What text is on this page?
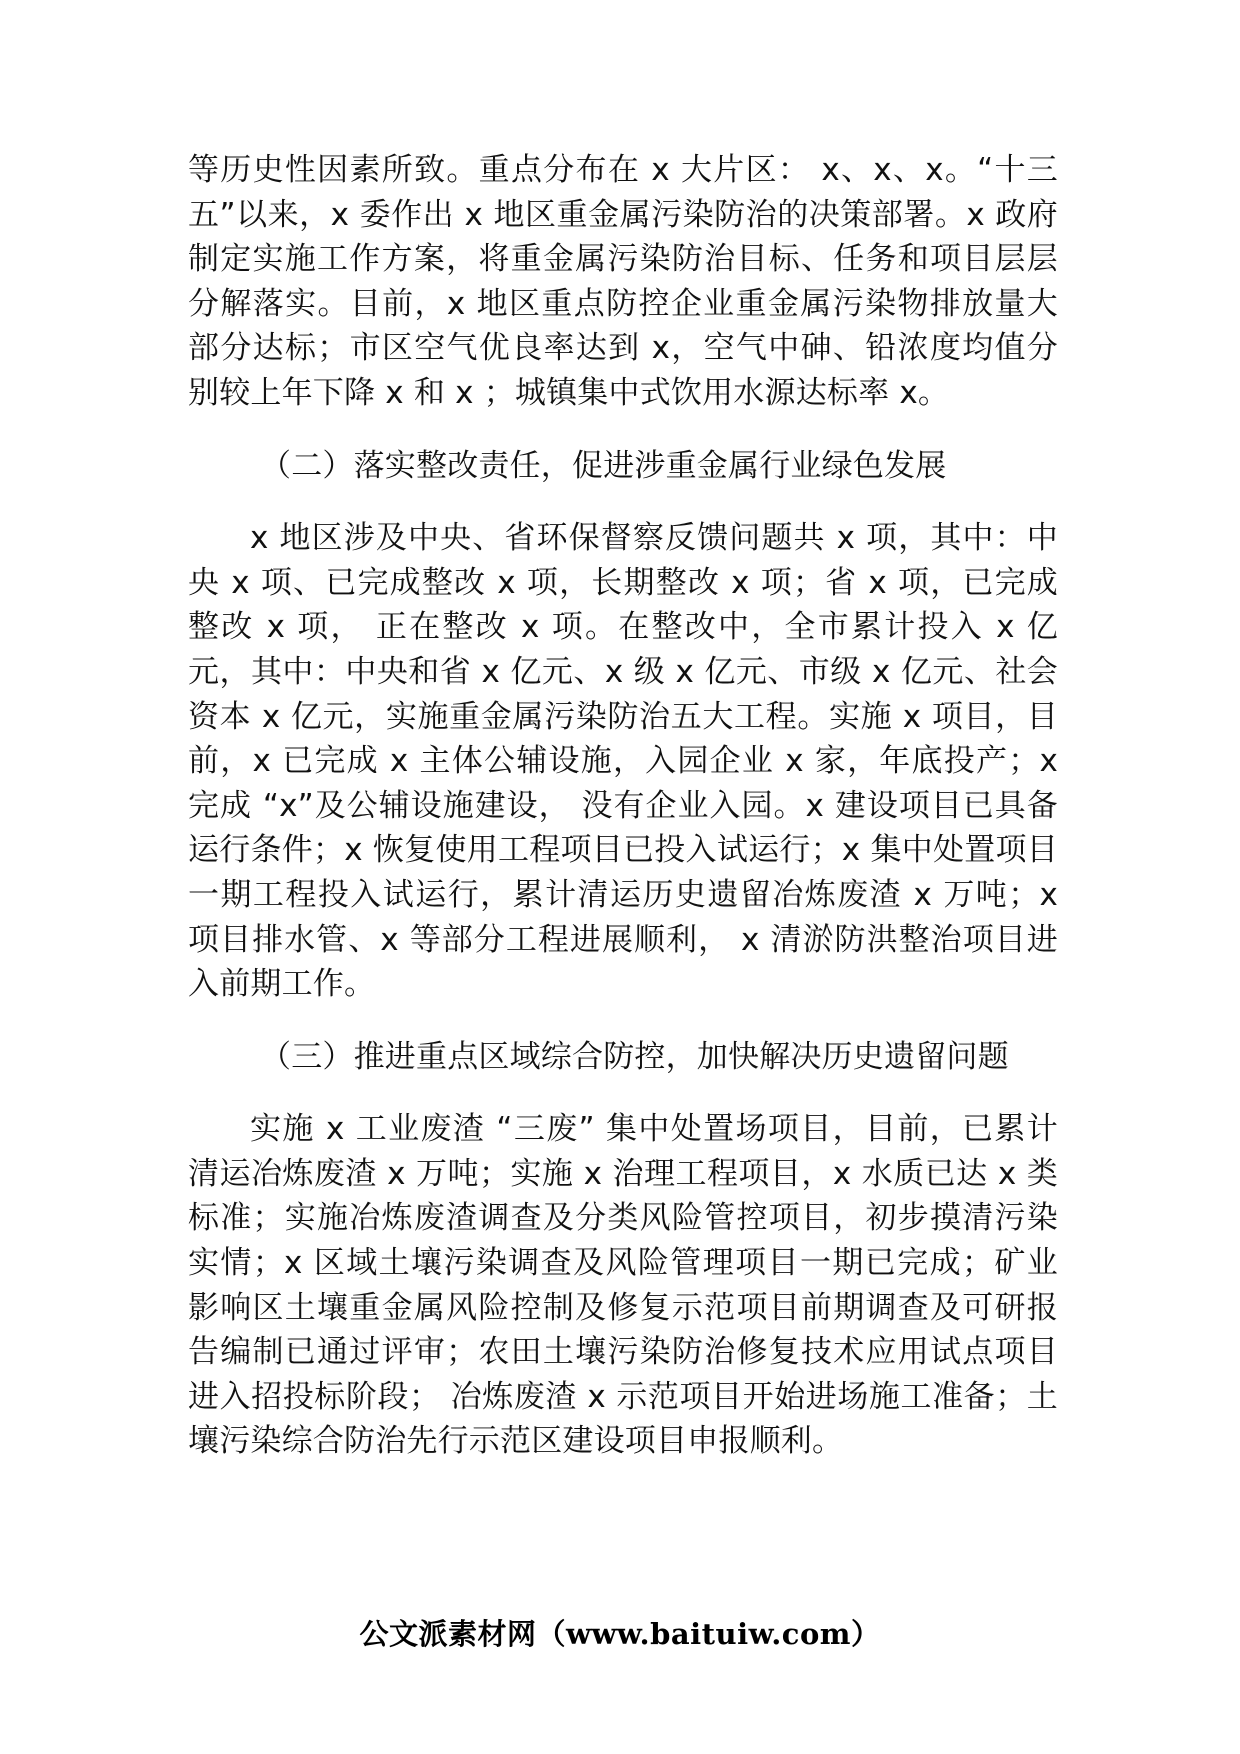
等历史性因素所致。重点分布在 x 大片区： x、x、x。“十三五”以来，x 委作出 x 地区重金属污染防治的决策部署。x 政府制定实施工作方案，将重金属污染防治目标、任务和项目层层分解落实。目前，x 地区重点防控企业重金属污染物排放量大部分达标；市区空气优良率达到 x，空气中砷、铅浓度均值分别较上年下降 x 和 x ；城镇集中式饮用水源达标率 x。

（二）落实整改责任，促进涉重金属行业绿色发展

x 地区涉及中央、省环保督察反馈问题共 x 项，其中：中央 x 项、已完成整改 x 项，长期整改 x 项；省 x 项，已完成整改 x 项， 正在整改 x 项。在整改中，全市累计投入 x 亿元，其中：中央和省 x 亿元、x 级 x 亿元、市级 x 亿元、社会资本 x 亿元，实施重金属污染防治五大工程。实施 x 项目，目前，x 已完成 x 主体公辅设施，入园企业 x 家，年底投产；x 完成 “x”及公辅设施建设， 没有企业入园。x 建设项目已具备运行条件；x 恢复使用工程项目已投入试运行；x 集中处置项目一期工程投入试运行，累计清运历史遗留冶炼废渣 x 万吨；x 项目排水管、x 等部分工程进展顺利， x 清淤防洪整治项目进入前期工作。

（三）推进重点区域综合防控，加快解决历史遗留问题

实施 x 工业废渣 “三废” 集中处置场项目，目前，已累计清运冶炼废渣 x 万吨；实施 x 治理工程项目，x 水质已达 x 类标准；实施冶炼废渣调查及分类风险管控项目，初步摸清污染实情；x 区域土壤污染调查及风险管理项目一期已完成；矿业影响区土壤重金属风险控制及修复示范项目前期调查及可研报告编制已通过评审；农田土壤污染防治修复技术应用试点项目进入招投标阶段； 冶炼废渣 x 示范项目开始进场施工准备；土壤污染综合防治先行示范区建设项目申报顺利。

公文派素材网（www.baituiw.com）
